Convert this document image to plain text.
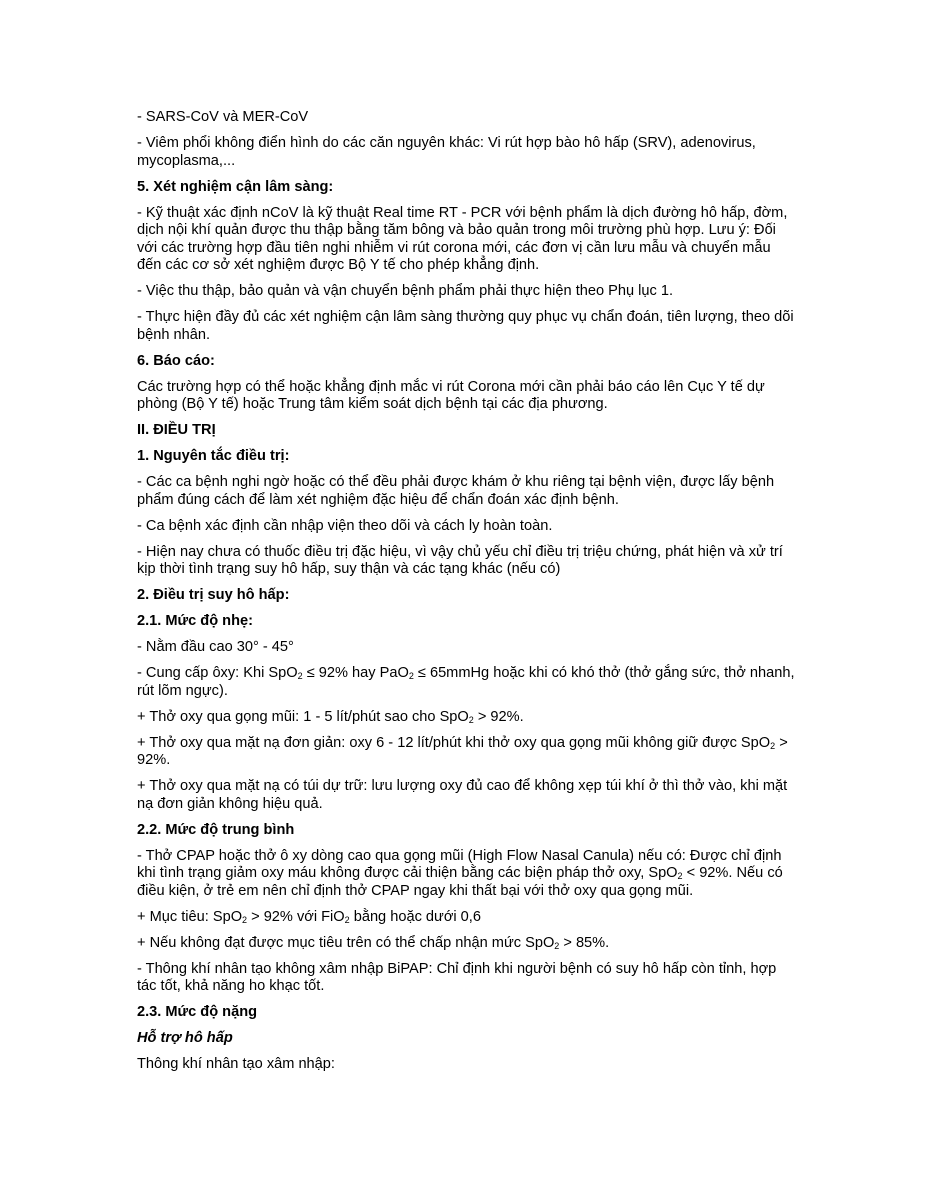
- SARS-CoV và MER-CoV

- Viêm phổi không điển hình do các căn nguyên khác: Vi rút hợp bào hô hấp (SRV), adenovirus, mycoplasma,...

5. Xét nghiệm cận lâm sàng:

- Kỹ thuật xác định nCoV là kỹ thuật Real time RT - PCR với bệnh phẩm là dịch đường hô hấp, đờm, dịch nội khí quản được thu thập bằng tăm bông và bảo quản trong môi trường phù hợp. Lưu ý: Đối với các trường hợp đầu tiên nghi nhiễm vi rút corona mới, các đơn vị cần lưu mẫu và chuyển mẫu đến các cơ sở xét nghiệm được Bộ Y tế cho phép khẳng định.

- Việc thu thập, bảo quản và vận chuyển bệnh phẩm phải thực hiện theo Phụ lục 1.

- Thực hiện đầy đủ các xét nghiệm cận lâm sàng thường quy phục vụ chẩn đoán, tiên lượng, theo dõi bệnh nhân.

6. Báo cáo:

Các trường hợp có thể hoặc khẳng định mắc vi rút Corona mới cần phải báo cáo lên Cục Y tế dự phòng (Bộ Y tế) hoặc Trung tâm kiểm soát dịch bệnh tại các địa phương.

II. ĐIỀU TRỊ

1. Nguyên tắc điều trị:

- Các ca bệnh nghi ngờ hoặc có thể đều phải được khám ở khu riêng tại bệnh viện, được lấy bệnh phẩm đúng cách để làm xét nghiệm đặc hiệu để chẩn đoán xác định bệnh.

- Ca bệnh xác định cần nhập viện theo dõi và cách ly hoàn toàn.

- Hiện nay chưa có thuốc điều trị đặc hiệu, vì vậy chủ yếu chỉ điều trị triệu chứng, phát hiện và xử trí kịp thời tình trạng suy hô hấp, suy thận và các tạng khác (nếu có)

2. Điều trị suy hô hấp:

2.1. Mức độ nhẹ:

- Nằm đầu cao 30° - 45°

- Cung cấp ôxy: Khi SpO$_2$ ≤ 92% hay PaO$_2$ ≤ 65mmHg hoặc khi có khó thở (thở gắng sức, thở nhanh, rút lõm ngực).

+ Thở oxy qua gọng mũi: 1 - 5 lít/phút sao cho SpO$_2$ > 92%.

+ Thở oxy qua mặt nạ đơn giản: oxy 6 - 12 lít/phút khi thở oxy qua gọng mũi không giữ được SpO$_2$ > 92%.

+ Thở oxy qua mặt nạ có túi dự trữ: lưu lượng oxy đủ cao để không xẹp túi khí ở thì thở vào, khi mặt nạ đơn giản không hiệu quả.

2.2. Mức độ trung bình

- Thở CPAP hoặc thở ô xy dòng cao qua gọng mũi (High Flow Nasal Canula) nếu có: Được chỉ định khi tình trạng giảm oxy máu không được cải thiện bằng các biện pháp thở oxy, SpO$_2$ < 92%. Nếu có điều kiện, ở trẻ em nên chỉ định thở CPAP ngay khi thất bại với thở oxy qua gọng mũi.

+ Mục tiêu: SpO$_2$ > 92% với FiO$_2$ bằng hoặc dưới 0,6

+ Nếu không đạt được mục tiêu trên có thể chấp nhận mức SpO$_2$ > 85%.

- Thông khí nhân tạo không xâm nhập BiPAP: Chỉ định khi người bệnh có suy hô hấp còn tỉnh, hợp tác tốt, khả năng ho khạc tốt.

2.3. Mức độ nặng

Hỗ trợ hô hấp

Thông khí nhân tạo xâm nhập:
